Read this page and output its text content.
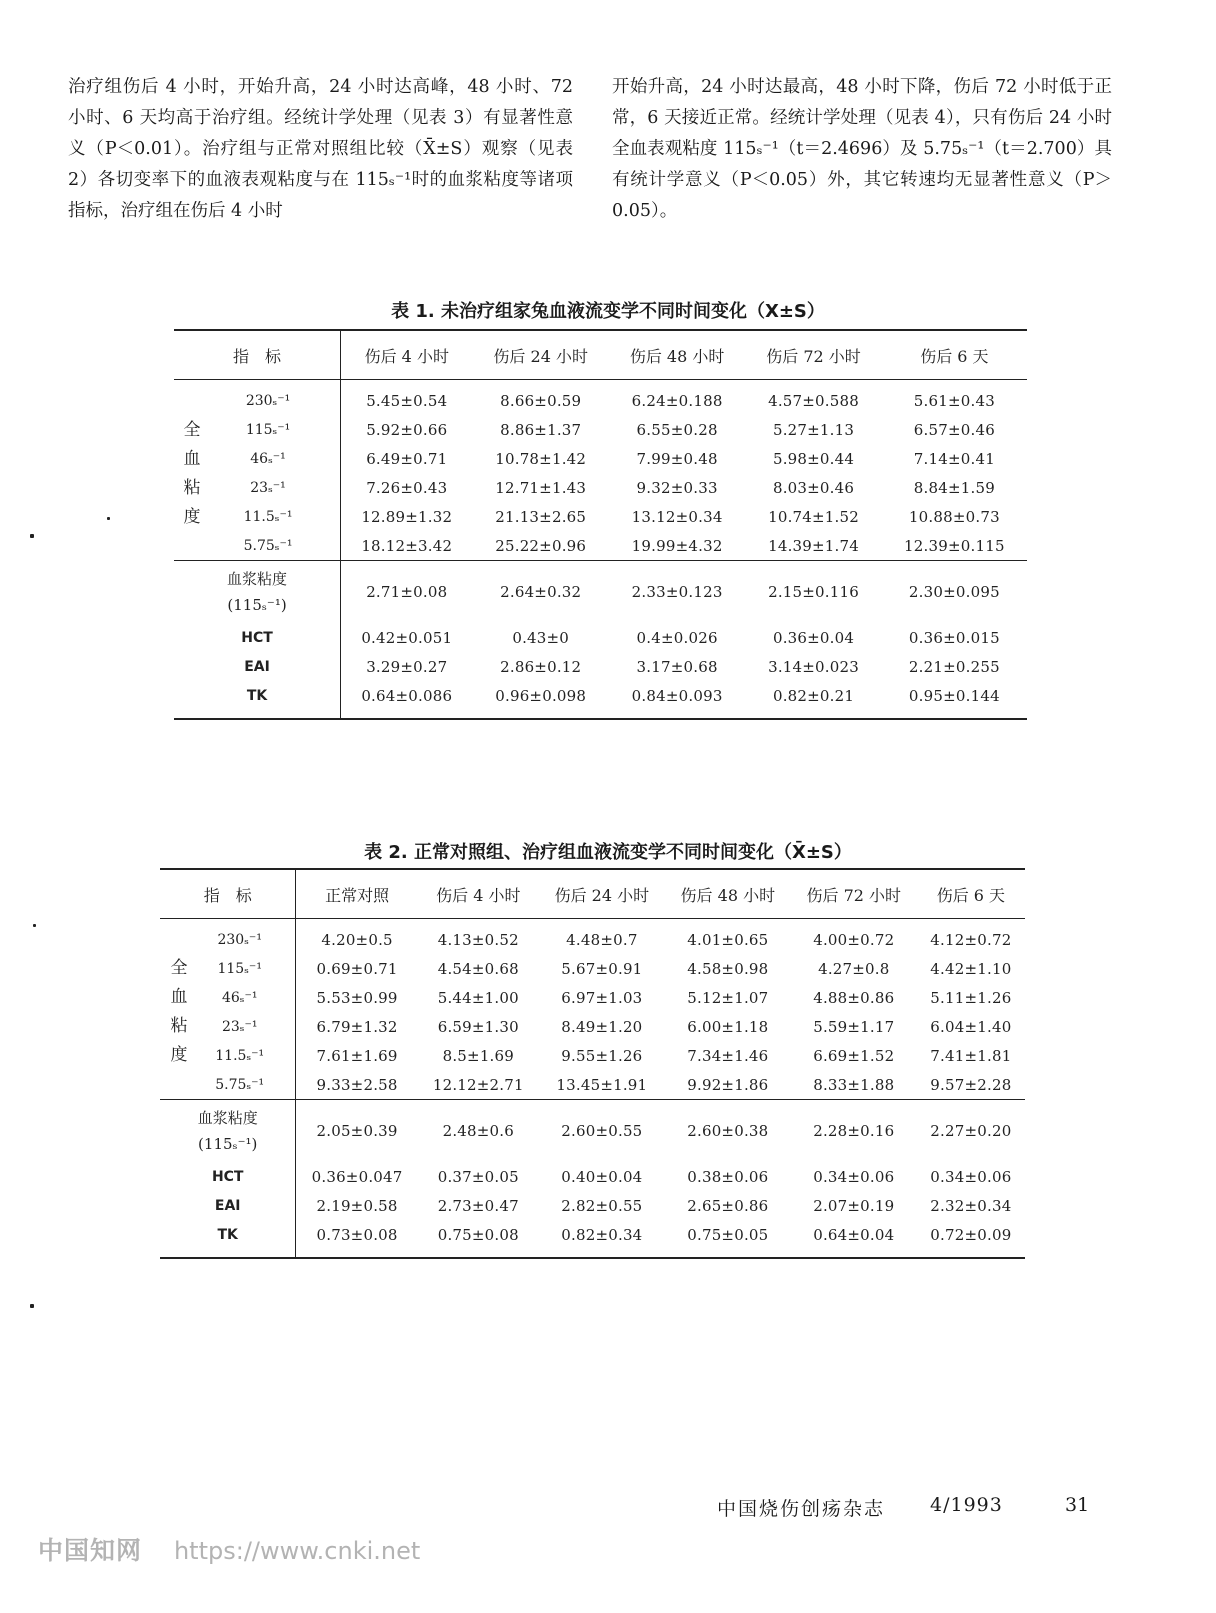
治疗组伤后 4 小时，开始升高，24 小时达高峰，48 小时、72 小时、6 天均高于治疗组。经统计学处理（见表 3）有显著性意义（P＜0.01）。治疗组与正常对照组比较（X̄±S）观察（见表 2）各切变率下的血液表观粘度与在 115ₛ⁻¹时的血浆粘度等诸项指标，治疗组在伤后 4 小时

开始升高，24 小时达最高，48 小时下降，伤后 72 小时低于正常，6 天接近正常。经统计学处理（见表 4），只有伤后 24 小时全血表观粘度 115ₛ⁻¹（t＝2.4696）及 5.75ₛ⁻¹（t＝2.700）具有统计学意义（P＜0.05）外，其它转速均无显著性意义（P＞0.05）。

表 1. 未治疗组家兔血液流变学不同时间变化（X±S）
指　标		伤后 4 小时	伤后 24 小时	伤后 48 小时	伤后 72 小时	伤后 6 天
全
血
粘
度	230ₛ⁻¹	5.45±0.54	8.66±0.59	6.24±0.188	4.57±0.588	5.61±0.43
	115ₛ⁻¹	5.92±0.66	8.86±1.37	6.55±0.28	5.27±1.13	6.57±0.46
	46ₛ⁻¹	6.49±0.71	10.78±1.42	7.99±0.48	5.98±0.44	7.14±0.41
	23ₛ⁻¹	7.26±0.43	12.71±1.43	9.32±0.33	8.03±0.46	8.84±1.59
	11.5ₛ⁻¹	12.89±1.32	21.13±2.65	13.12±0.34	10.74±1.52	10.88±0.73
	5.75ₛ⁻¹	18.12±3.42	25.22±0.96	19.99±4.32	14.39±1.74	12.39±0.115
血浆粘度
(115ₛ⁻¹)		2.71±0.08	2.64±0.32	2.33±0.123	2.15±0.116	2.30±0.095
HCT		0.42±0.051	0.43±0	0.4±0.026	0.36±0.04	0.36±0.015
EAI		3.29±0.27	2.86±0.12	3.17±0.68	3.14±0.023	2.21±0.255
TK		0.64±0.086	0.96±0.098	0.84±0.093	0.82±0.21	0.95±0.144
表 2. 正常对照组、治疗组血液流变学不同时间变化（X̄±S）
指　标		正常对照	伤后 4 小时	伤后 24 小时	伤后 48 小时	伤后 72 小时	伤后 6 天
全
血
粘
度	230ₛ⁻¹	4.20±0.5	4.13±0.52	4.48±0.7	4.01±0.65	4.00±0.72	4.12±0.72
	115ₛ⁻¹	0.69±0.71	4.54±0.68	5.67±0.91	4.58±0.98	4.27±0.8	4.42±1.10
	46ₛ⁻¹	5.53±0.99	5.44±1.00	6.97±1.03	5.12±1.07	4.88±0.86	5.11±1.26
	23ₛ⁻¹	6.79±1.32	6.59±1.30	8.49±1.20	6.00±1.18	5.59±1.17	6.04±1.40
	11.5ₛ⁻¹	7.61±1.69	8.5±1.69	9.55±1.26	7.34±1.46	6.69±1.52	7.41±1.81
	5.75ₛ⁻¹	9.33±2.58	12.12±2.71	13.45±1.91	9.92±1.86	8.33±1.88	9.57±2.28
血浆粘度
(115ₛ⁻¹)		2.05±0.39	2.48±0.6	2.60±0.55	2.60±0.38	2.28±0.16	2.27±0.20
HCT		0.36±0.047	0.37±0.05	0.40±0.04	0.38±0.06	0.34±0.06	0.34±0.06
EAI		2.19±0.58	2.73±0.47	2.82±0.55	2.65±0.86	2.07±0.19	2.32±0.34
TK		0.73±0.08	0.75±0.08	0.82±0.34	0.75±0.05	0.64±0.04	0.72±0.09
中国烧伤创疡杂志 4/1993	31
中国知网 https://www.cnki.net
